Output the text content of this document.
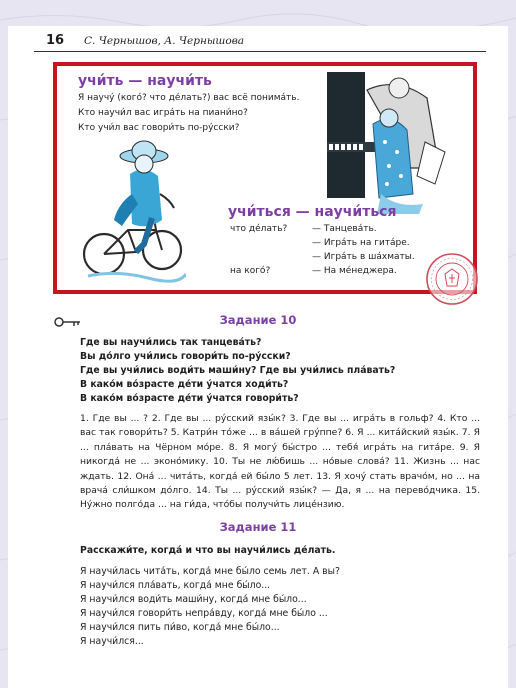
16 С. Чернышов, А. Чернышова
учи́ть — научи́ть
Я научу́ (кого́? что де́лать?) вас всё понима́ть.
Кто научи́л вас игра́ть на пиани́но?
Кто учи́л вас говори́ть по-ру́сски?
учи́ться — научи́ться
что де́лать?	— Танцева́ть.
— Игра́ть на гита́ре.
— Игра́ть в ша́хматы.
на кого́?	— На ме́неджера.
Задание 10
Где вы научи́лись так танцева́ть?
Вы до́лго учи́лись говори́ть по-ру́сски?
Где вы учи́лись води́ть маши́ну? Где вы учи́лись пла́вать?
В како́м во́зрасте де́ти у́чатся ходи́ть?
В како́м во́зрасте де́ти у́чатся говори́ть?

1. Где вы ... ? 2. Где вы ... ру́сский язы́к? 3. Где вы ... игра́ть в гольф? 4. Кто ... вас так говори́ть? 5. Катри́н то́же ... в ва́шей гру́ппе? 6. Я ... кита́йский язы́к. 7. Я ... пла́вать на Чёрном мо́ре. 8. Я могу́ бы́стро ... тебя́ игра́ть на гита́ре. 9. Я никогда́ не ... эконо́мику. 10. Ты не лю́бишь ... но́вые слова́? 11. Жизнь ... нас ждать. 12. Она́ ... чита́ть, когда́ ей бы́ло 5 лет. 13. Я хочу́ стать врачо́м, но ... на врача́ сли́шком до́лго. 14. Ты ... ру́сский язы́к? — Да, я ... на перево́дчика. 15. Ну́жно полго́да ... на ги́да, что́бы получи́ть лице́нзию.

Задание 11
Расскажи́те, когда́ и что вы научи́лись де́лать.
Я научи́лась чита́ть, когда́ мне бы́ло семь лет. А вы?
Я научи́лся пла́вать, когда́ мне бы́ло...
Я научи́лся води́ть маши́ну, когда́ мне бы́ло...
Я научи́лся говори́ть непра́вду, когда́ мне бы́ло ...
Я научи́лся пить пи́во, когда́ мне бы́ло...
Я научи́лся...
